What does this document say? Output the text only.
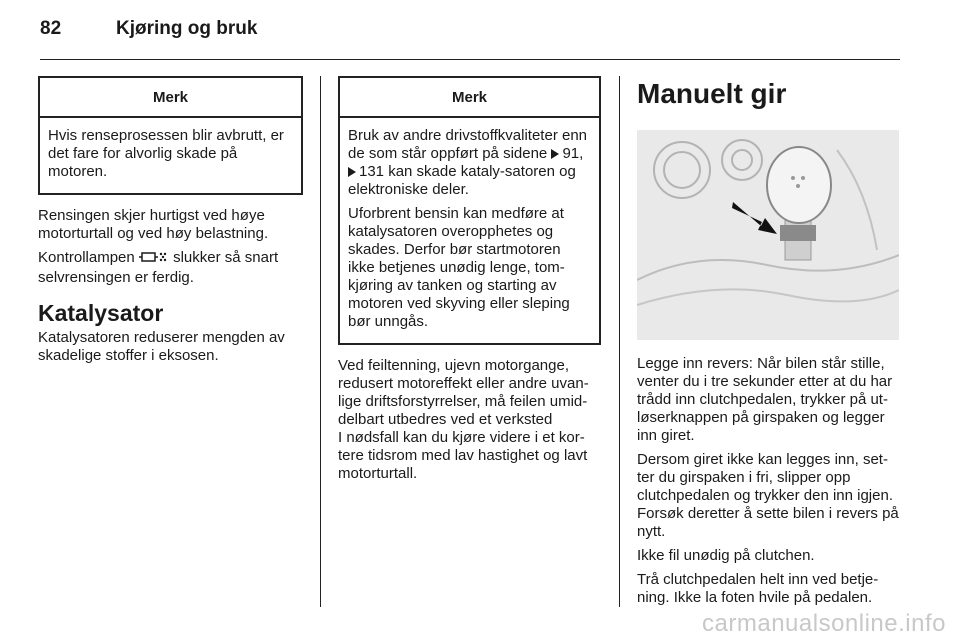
82	Kjøring og bruk
Merk

Hvis renseprosessen blir avbrutt, er det fare for alvorlig skade på motoren.

Rensingen skjer hurtigst ved høye motorturtall og ved høy belastning.

Kontrollampen	slukker så snart selvrensingen er ferdig.

Katalysator

Katalysatoren reduserer mengden av skadelige stoffer i eksosen.

Merk

Bruk av andre drivstoffkvaliteter enn de som står oppført på sidene 91, 131 kan skade kataly-satoren og elektroniske deler.

Uforbrent bensin kan medføre at katalysatoren overopphetes og skades. Derfor bør startmotoren ikke betjenes unødig lenge, tom-kjøring av tanken og starting av motoren ved skyving eller sleping bør unngås.

Ved feiltenning, ujevn motorgange, redusert motoreffekt eller andre uvan-lige driftsforstyrrelser, må feilen umid-delbart utbedres ved et verksted

I nødsfall kan du kjøre videre i et kor-tere tidsrom med lav hastighet og lavt motorturtall.

Manuelt gir

Legge inn revers: Når bilen står stille, venter du i tre sekunder etter at du har trådd inn clutchpedalen, trykker på ut-løserknappen på girspaken og legger inn giret.

Dersom giret ikke kan legges inn, set-ter du girspaken i fri, slipper opp clutchpedalen og trykker den inn igjen. Forsøk deretter å sette bilen i revers på nytt.

Ikke fil unødig på clutchen.

Trå clutchpedalen helt inn ved betje-ning. Ikke la foten hvile på pedalen.

carmanualsonline.info
